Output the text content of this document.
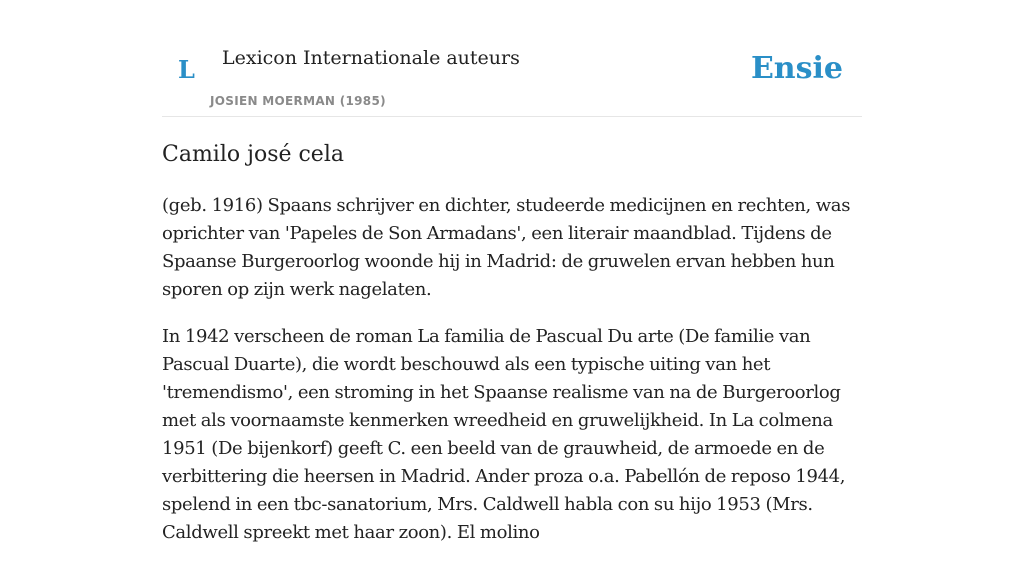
L Lexicon Internationale auteurs
JOSIEN MOERMAN (1985)
Ensie
Camilo josé cela

(geb. 1916) Spaans schrijver en dichter, studeerde medicijnen en rechten, was oprichter van 'Papeles de Son Armadans', een literair maandblad. Tijdens de Spaanse Burgeroorlog woonde hij in Madrid: de gruwelen ervan hebben hun sporen op zijn werk nagelaten.

In 1942 verscheen de roman La familia de Pascual Du arte (De familie van Pascual Duarte), die wordt beschouwd als een typische uiting van het 'tremendismo', een stroming in het Spaanse realisme van na de Burgeroorlog met als voornaamste kenmerken wreedheid en gruwelijkheid. In La colmena 1951 (De bijenkorf) geeft C. een beeld van de grauwheid, de armoede en de verbittering die heersen in Madrid. Ander proza o.a. Pabellón de reposo 1944, spelend in een tbc-sanatorium, Mrs. Caldwell habla con su hijo 1953 (Mrs. Caldwell spreekt met haar zoon). El molino
